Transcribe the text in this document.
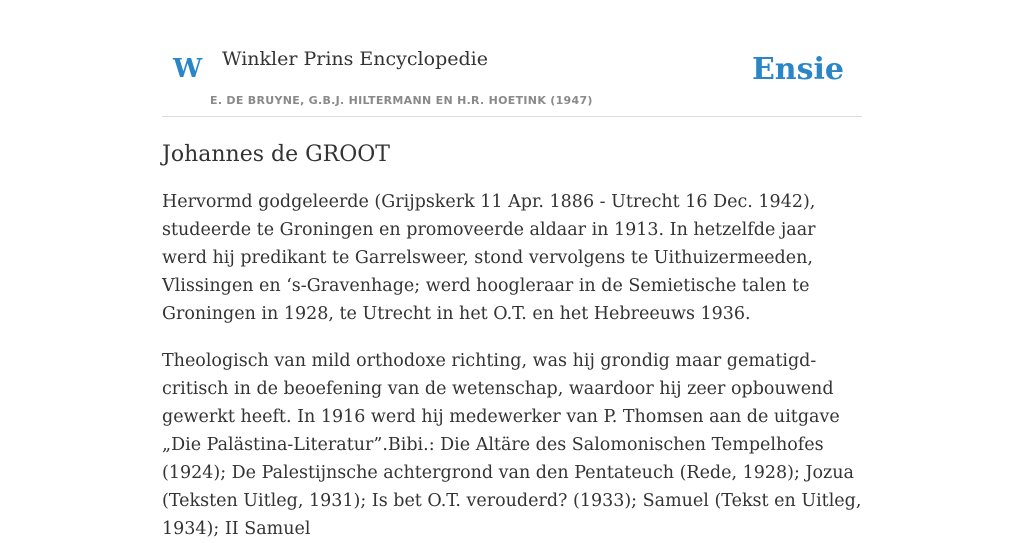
W Winkler Prins Encyclopedie
E. DE BRUYNE, G.B.J. HILTERMANN EN H.R. HOETINK (1947)
Ensie
Johannes de GROOT

Hervormd godgeleerde (Grijpskerk 11 Apr. 1886 - Utrecht 16 Dec. 1942), studeerde te Groningen en promoveerde aldaar in 1913. In hetzelfde jaar werd hij predikant te Garrelsweer, stond vervolgens te Uithuizermeeden, Vlissingen en ‘s-Gravenhage; werd hoogleraar in de Semietische talen te Groningen in 1928, te Utrecht in het O.T. en het Hebreeuws 1936.

Theologisch van mild orthodoxe richting, was hij grondig maar gematigd-critisch in de beoefening van de wetenschap, waardoor hij zeer opbouwend gewerkt heeft. In 1916 werd hij medewerker van P. Thomsen aan de uitgave „Die Palästina-Literatur”.Bibi.: Die Altäre des Salomonischen Tempelhofes (1924); De Palestijnsche achtergrond van den Pentateuch (Rede, 1928); Jozua (Teksten Uitleg, 1931); Is bet O.T. verouderd? (1933); Samuel (Tekst en Uitleg, 1934); II Samuel
